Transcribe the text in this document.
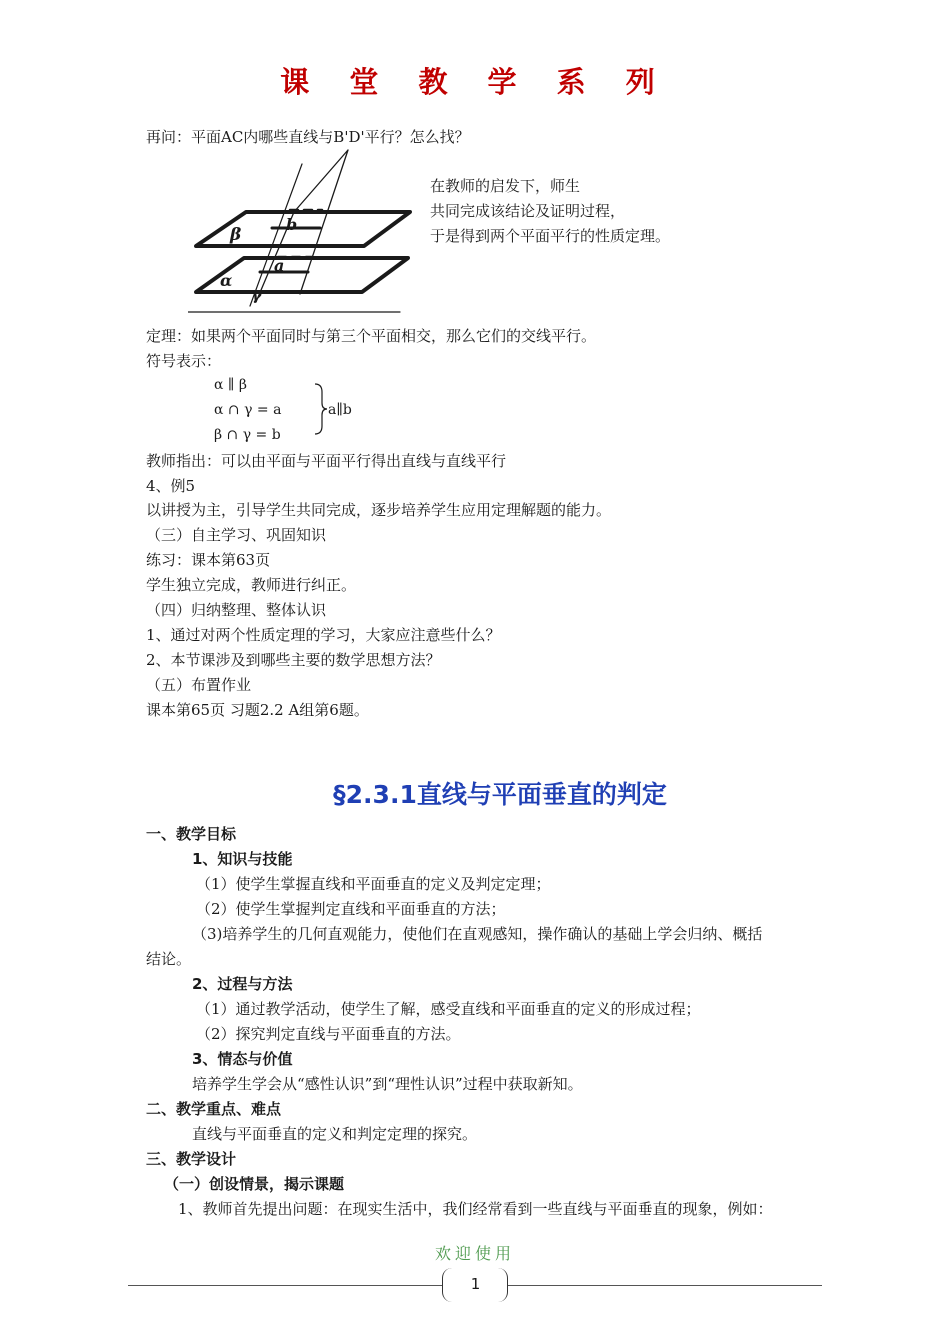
课 堂 教 学 系 列
再问：平面AC内哪些直线与B'D'平行？怎么找？
β
b
a
α
γ
在教师的启发下，师生
共同完成该结论及证明过程，
于是得到两个平面平行的性质定理。
定理：如果两个平面同时与第三个平面相交，那么它们的交线平行。
符号表示：
α ∥ β
α ∩ γ = a
β ∩ γ = b
a∥b
教师指出：可以由平面与平面平行得出直线与直线平行
4、例5
以讲授为主，引导学生共同完成，逐步培养学生应用定理解题的能力。
（三）自主学习、巩固知识
练习：课本第63页
学生独立完成，教师进行纠正。
（四）归纳整理、整体认识
1、通过对两个性质定理的学习，大家应注意些什么？
2、本节课涉及到哪些主要的数学思想方法？
（五）布置作业
课本第65页 习题2.2 A组第6题。
§2.3.1直线与平面垂直的判定
一、教学目标
1、知识与技能
（1）使学生掌握直线和平面垂直的定义及判定定理；
（2）使学生掌握判定直线和平面垂直的方法；
（3)培养学生的几何直观能力，使他们在直观感知，操作确认的基础上学会归纳、概括
结论。
2、过程与方法
（1）通过教学活动，使学生了解，感受直线和平面垂直的定义的形成过程；
（2）探究判定直线与平面垂直的方法。
3、情态与价值
培养学生学会从“感性认识”到“理性认识”过程中获取新知。
二、教学重点、难点
直线与平面垂直的定义和判定定理的探究。
三、教学设计
（一）创设情景，揭示课题
1、教师首先提出问题：在现实生活中，我们经常看到一些直线与平面垂直的现象，例如：
欢迎使用
1
